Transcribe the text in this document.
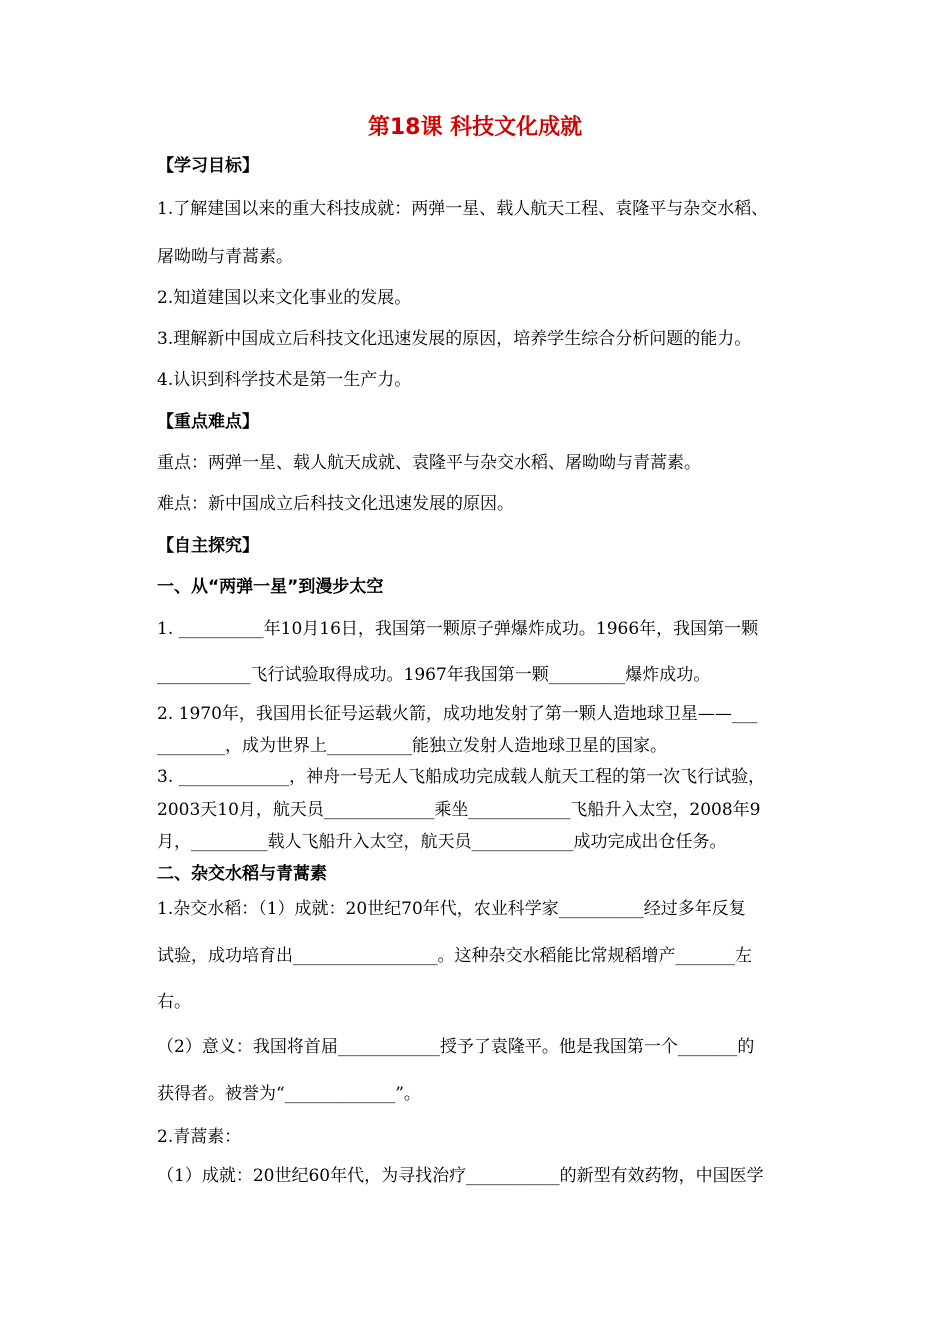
第18课 科技文化成就
【学习目标】
1.了解建国以来的重大科技成就：两弹一星、载人航天工程、袁隆平与杂交水稻、
屠呦呦与青蒿素。
2.知道建国以来文化事业的发展。
3.理解新中国成立后科技文化迅速发展的原因，培养学生综合分析问题的能力。
4.认识到科学技术是第一生产力。
【重点难点】
重点：两弹一星、载人航天成就、袁隆平与杂交水稻、屠呦呦与青蒿素。
难点：新中国成立后科技文化迅速发展的原因。
【自主探究】
一、从“两弹一星”到漫步太空
1. __________年10月16日，我国第一颗原子弹爆炸成功。1966年，我国第一颗
___________飞行试验取得成功。1967年我国第一颗_________爆炸成功。
2. 1970年，我国用长征号运载火箭，成功地发射了第一颗人造地球卫星——___
________，成为世界上__________能独立发射人造地球卫星的国家。
3. _____________，神舟一号无人飞船成功完成载人航天工程的第一次飞行试验，
2003天10月，航天员_____________乘坐____________飞船升入太空，2008年9
月，_________载人飞船升入太空，航天员____________成功完成出仓任务。
二、杂交水稻与青蒿素
1.杂交水稻：（1）成就：20世纪70年代，农业科学家__________经过多年反复
试验，成功培育出_________________。这种杂交水稻能比常规稻增产_______左
右。
（2）意义：我国将首届____________授予了袁隆平。他是我国第一个_______的
获得者。被誉为“_____________”。
2.青蒿素：
（1）成就：20世纪60年代，为寻找治疗___________的新型有效药物，中国医学
